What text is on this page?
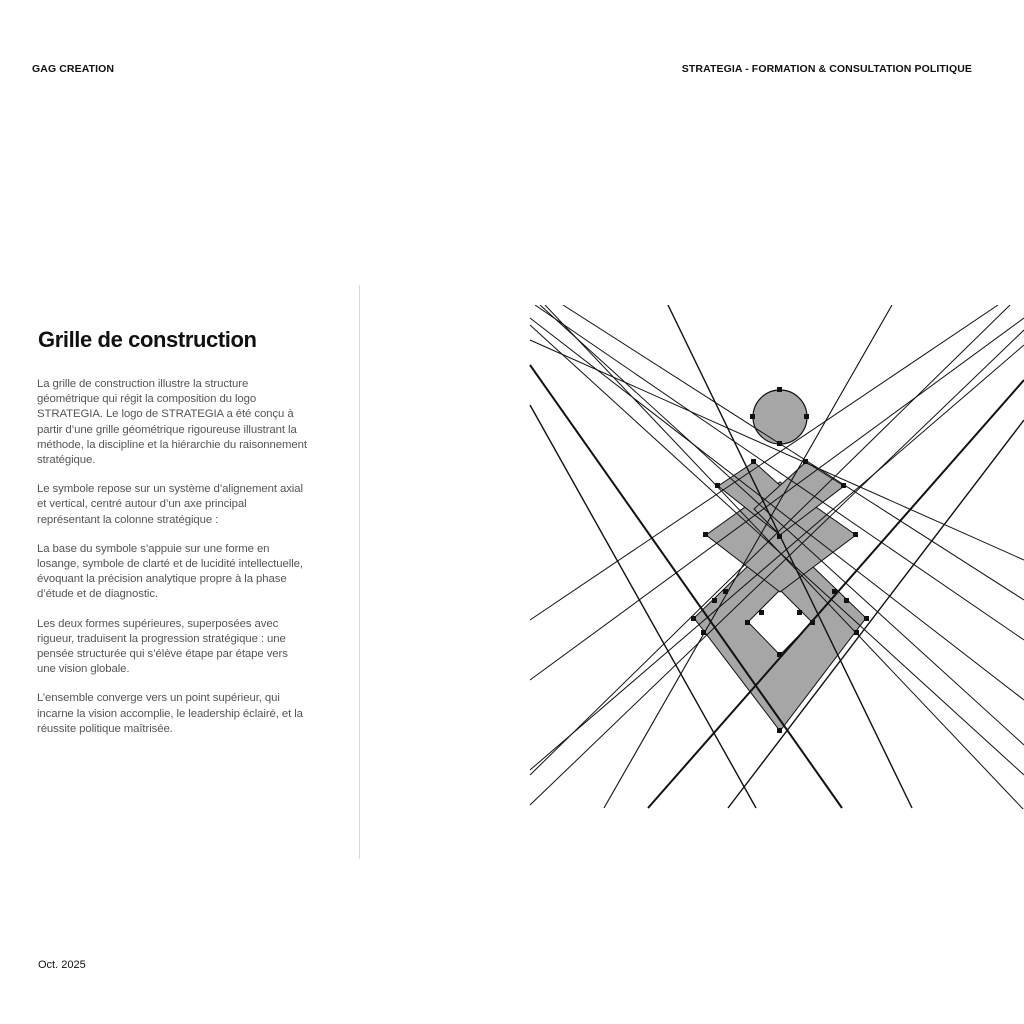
GAG CREATION	STRATEGIA - FORMATION & CONSULTATION POLITIQUE
Grille de construction

La grille de construction illustre la structure géométrique qui régit la composition du logo STRATEGIA. Le logo de STRATEGIA a été conçu à partir d’une grille géométrique rigoureuse illustrant la méthode, la discipline et la hiérarchie du raisonnement stratégique.

Le symbole repose sur un système d’alignement axial et vertical, centré autour d’un axe principal représentant la colonne stratégique :

La base du symbole s’appuie sur une forme en losange, symbole de clarté et de lucidité intellectuelle, évoquant la précision analytique propre à la phase d’étude et de diagnostic.

Les deux formes supérieures, superposées avec rigueur, traduisent la progression stratégique : une pensée structurée qui s’élève étape par étape vers une vision globale.

L’ensemble converge vers un point supérieur, qui incarne la vision accomplie, le leadership éclairé, et la réussite politique maîtrisée.

Oct. 2025
